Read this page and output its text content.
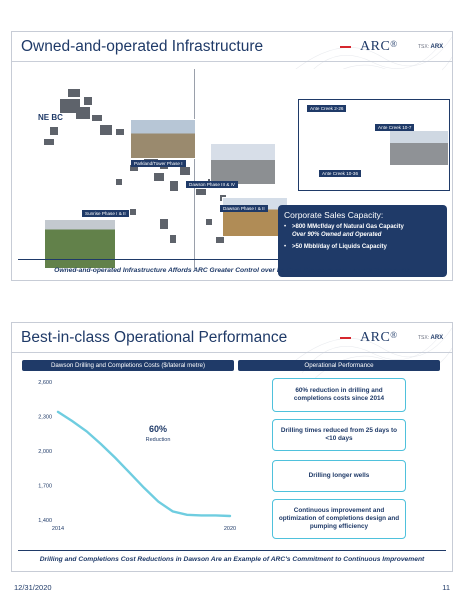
Owned-and-operated Infrastructure	ARC®	TSX: ARX
NE BC
Parkland/Tower Phase I
Dawson Phase III & IV
Dawson Phase I & II
Sunrise Phase I & II
Ante Creek 2-26
Ante Creek 10-7
Ante Creek 10-36
Corporate Sales Capacity:
• >800 MMcf/day of Natural Gas Capacity
Over 90% Owned and Operated
• >50 Mbbl/day of Liquids Capacity
Owned-and-operated Infrastructure Affords ARC Greater Control over Its Cost Structure and Liquids Recoveries
Best-in-class Operational Performance	ARC®	TSX: ARX
Dawson Drilling and Completions Costs ($/lateral metre)	Operational Performance
2,600
2,300
2,000
1,700
1,400
2014	2020
60%
Reduction
60% reduction in drilling and completions costs since 2014
Drilling times reduced from 25 days to <10 days
Drilling longer wells
Continuous improvement and optimization of completions design and pumping efficiency
Drilling and Completions Cost Reductions in Dawson Are an Example of ARC's Commitment to Continuous Improvement
12/31/2020	11
